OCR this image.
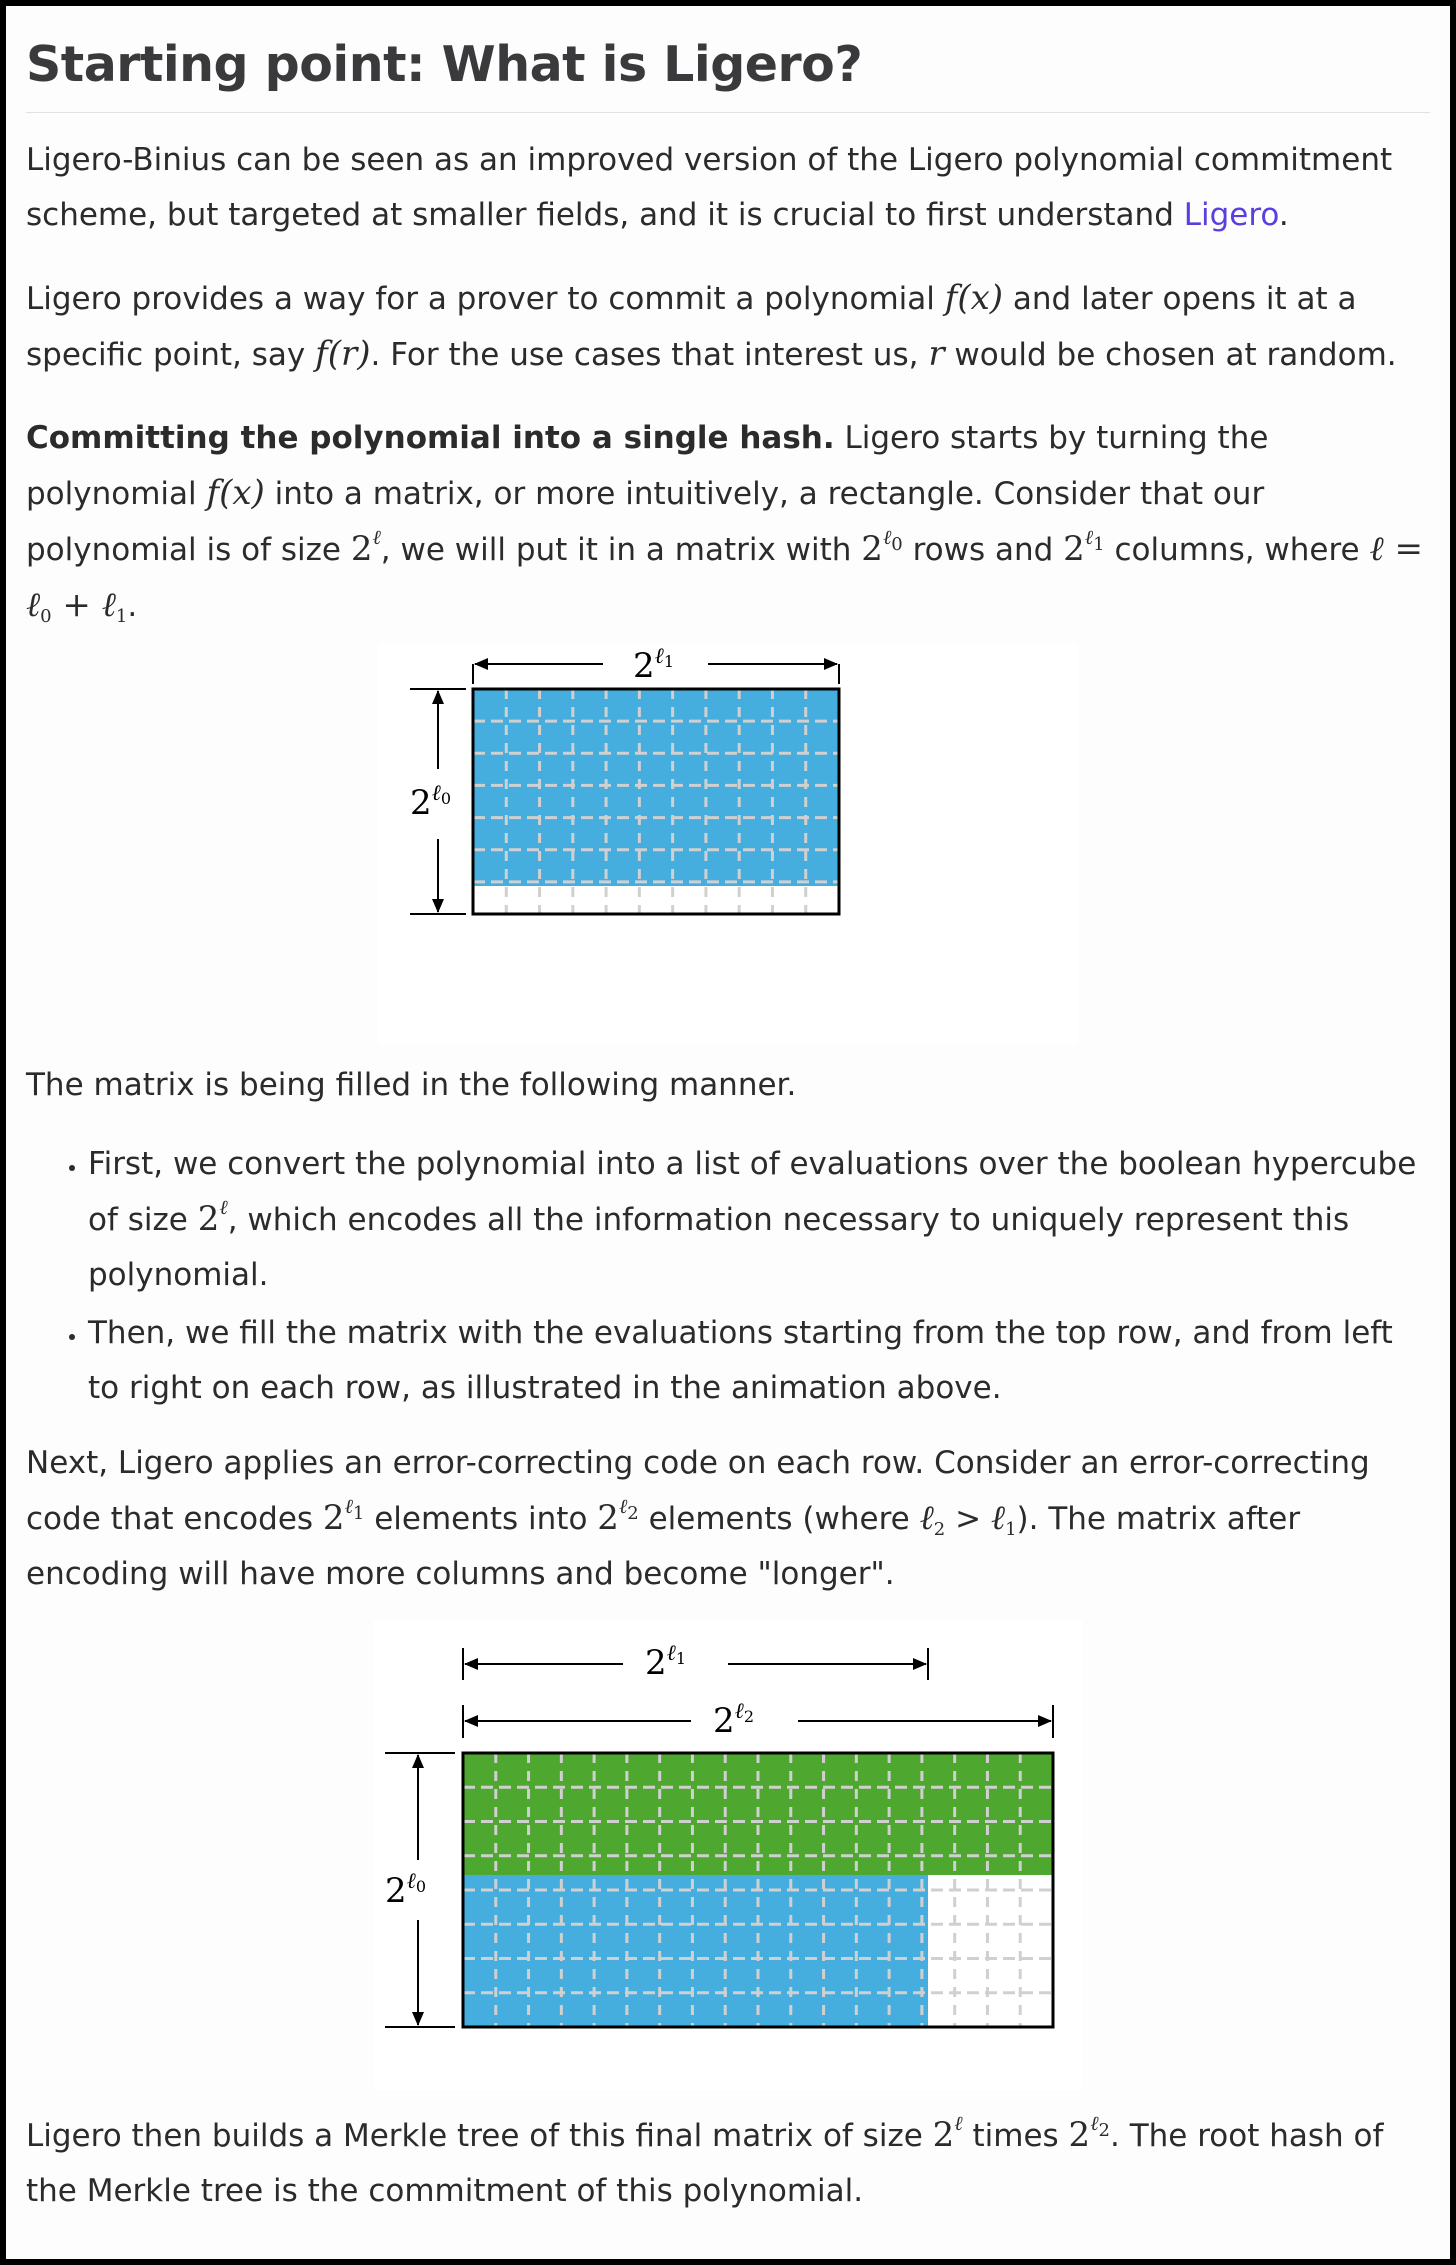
Starting point: What is Ligero?

Ligero-Binius can be seen as an improved version of the Ligero polynomial commitment scheme, but targeted at smaller fields, and it is crucial to first understand Ligero.

Ligero provides a way for a prover to commit a polynomial f(x) and later opens it at a specific point, say f(r). For the use cases that interest us, r would be chosen at random.

Committing the polynomial into a single hash. Ligero starts by turning the polynomial f(x) into a matrix, or more intuitively, a rectangle. Consider that our polynomial is of size $2^\ell$, we will put it in a matrix with $2^{\ell_0}$ rows and $2^{\ell_1}$ columns, where ℓ = ℓ$_0$ + ℓ$_1$.

$2^\ell 1$
$2^\ell 0$

The matrix is being filled in the following manner.

• First, we convert the polynomial into a list of evaluations over the boolean hypercube of size $2^\ell$, which encodes all the information necessary to uniquely represent this polynomial.
• Then, we fill the matrix with the evaluations starting from the top row, and from left to right on each row, as illustrated in the animation above.

Next, Ligero applies an error-correcting code on each row. Consider an error-correcting code that encodes $2^{\ell_1}$ elements into $2^{\ell_2}$ elements (where ℓ$_2$ > ℓ$_1$). The matrix after encoding will have more columns and become "longer".

$2^\ell 1$
$2^\ell 2$
$2^\ell 0$

Ligero then builds a Merkle tree of this final matrix of size $2^\ell$ times $2^{\ell_2}$. The root hash of the Merkle tree is the commitment of this polynomial.
